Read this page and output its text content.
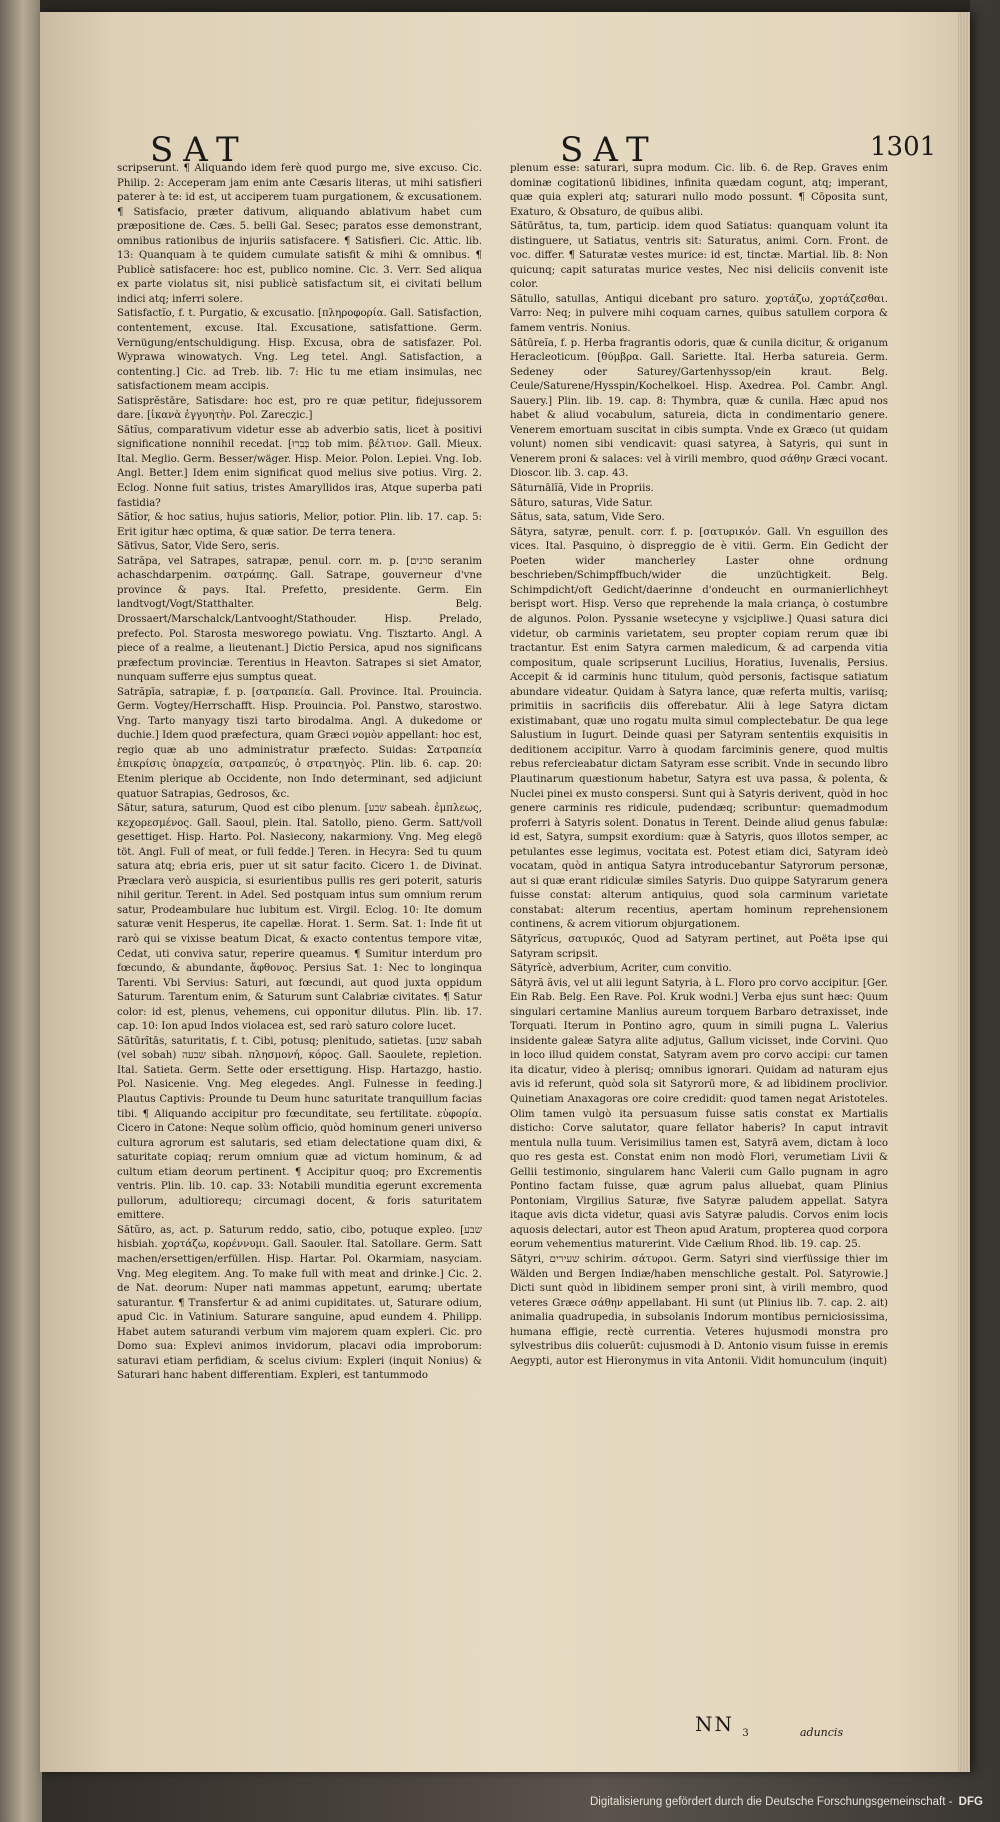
SAT	SAT	1301

scripserunt. ¶ Aliquando idem ferè quod purgo me, sive excuso. Cic. Philip. 2: Acceperam jam enim ante Cæsaris literas, ut mihi satisfieri paterer à te: id est, ut acciperem tuam purgationem, & excusationem. ¶ Satisfacio, præter dativum, aliquando ablativum habet cum præpositione de. Cæs. 5. belli Gal. Sesec; paratos esse demonstrant, omnibus rationibus de injuriis satisfacere. ¶ Satisfieri. Cic. Attic. lib. 13: Quanquam à te quidem cumulate satisfit & mihi & omnibus. ¶ Publicè satisfacere: hoc est, publico nomine. Cic. 3. Verr. Sed aliqua ex parte violatus sit, nisi publicè satisfactum sit, ei civitati bellum indici atq; inferri solere.

Satisfactĭo, f. t. Purgatio, & excusatio. [πληροφορία. Gall. Satisfaction, contentement, excuse. Ital. Excusatione, satisfattione. Germ. Vernügung/entschuldigung. Hisp. Excusa, obra de satisfazer. Pol. Wyprawa winowatych. Vng. Leg tetel. Angl. Satisfaction, a contenting.] Cic. ad Treb. lib. 7: Hic tu me etiam insimulas, nec satisfactionem meam accipis.

Satisprĕstāre, Satisdare: hoc est, pro re quæ petitur, fidejussorem dare. [ἱκανὰ ἐγγυητὴν. Pol. Zarecȥic.]

Sătĭus, comparativum videtur esse ab adverbio satis, licet à positivi significatione nonnihil recedat. [בְּבִרוּ tob mim. βέλτιον. Gall. Mieux. Ital. Meglio. Germ. Besser/wäger. Hisp. Meior. Polon. Lepiei. Vng. Iob. Angl. Better.] Idem enim significat quod melius sive potius. Virg. 2. Eclog. Nonne fuit satius, tristes Amaryllidos iras, Atque superba pati fastidia?

Sătĭor, & hoc satius, hujus satioris, Melior, potior. Plin. lib. 17. cap. 5: Erit igitur hæc optima, & quæ satior. De terra tenera.

Sātīvus, Sator, Vide Sero, seris.

Satrăpa, vel Satrapes, satrapæ, penul. corr. m. p. [סרנים seranim achaschdarpenim. σατράπης. Gall. Satrape, gouverneur d'vne province & pays. Ital. Prefetto, presidente. Germ. Ein landtvogt/Vogt/Statthalter. Belg. Drossaert/Marschalck/Lantvooght/Stathouder. Hisp. Prelado, prefecto. Pol. Starosta mesworego powiatu. Vng. Tisztarto. Angl. A piece of a realme, a lieutenant.] Dictio Persica, apud nos significans præfectum provinciæ. Terentius in Heavton. Satrapes si siet Amator, nunquam sufferre ejus sumptus queat.

Satrăpīa, satrapiæ, f. p. [σατραπεία. Gall. Province. Ital. Prouincia. Germ. Vogtey/Herrschafft. Hisp. Prouincia. Pol. Panstwo, starostwo. Vng. Tarto manyagy tiszi tarto birodalma. Angl. A dukedome or duchie.] Idem quod præfectura, quam Græci νομὸν appellant: hoc est, regio quæ ab uno administratur præfecto. Suidas: Σατραπεία ἐπικρίσις ὑπαρχεία, σατραπεύς, ὁ στρατηγὸς. Plin. lib. 6. cap. 20: Etenim plerique ab Occidente, non Indo determinant, sed adjiciunt quatuor Satrapias, Gedrosos, &c.

Sătur, satura, saturum, Quod est cibo plenum. [שבע sabeah. ἐμπλεως, κεχορεσμένος. Gall. Saoul, plein. Ital. Satollo, pieno. Germ. Satt/voll gesettiget. Hisp. Harto. Pol. Nasiecony, nakarmiony. Vng. Meg elegö töt. Angl. Full of meat, or full fedde.] Teren. in Hecyra: Sed tu quum satura atq; ebria eris, puer ut sit satur facito. Cicero 1. de Divinat. Præclara verò auspicia, si esurientibus pullis res geri poterit, saturis nihil geritur. Terent. in Adel. Sed postquam intus sum omnium rerum satur, Prodeambulare huc lubitum est. Virgil. Eclog. 10: Ite domum saturæ venit Hesperus, ite capellæ. Horat. 1. Serm. Sat. 1: Inde fit ut rarò qui se vixisse beatum Dicat, & exacto contentus tempore vitæ, Cedat, uti conviva satur, reperire queamus. ¶ Sumitur interdum pro fœcundo, & abundante, ἄφθονος. Persius Sat. 1: Nec to longinqua Tarenti. Vbi Servius: Saturi, aut fœcundi, aut quod juxta oppidum Saturum. Tarentum enim, & Saturum sunt Calabriæ civitates. ¶ Satur color: id est, plenus, vehemens, cui opponitur dilutus. Plin. lib. 17. cap. 10: Ion apud Indos violacea est, sed rarò saturo colore lucet.

Sătūrĭtās, saturitatis, f. t. Cibi, potusq; plenitudo, satietas. [שבע sabah (vel sobah) שבעה sibah. πλησμονή, κόρος. Gall. Saoulete, repletion. Ital. Satieta. Germ. Sette oder ersettigung. Hisp. Hartazgo, hastio. Pol. Nasicenie. Vng. Meg elegedes. Angl. Fulnesse in feeding.] Plautus Captivis: Prounde tu Deum hunc saturitate tranquillum facias tibi. ¶ Aliquando accipitur pro fœcunditate, seu fertilitate. εὐφορία. Cicero in Catone: Neque solùm officio, quòd hominum generi universo cultura agrorum est salutaris, sed etiam delectatione quam dixi, & saturitate copiaq; rerum omnium quæ ad victum hominum, & ad cultum etiam deorum pertinent. ¶ Accipitur quoq; pro Excrementis ventris. Plin. lib. 10. cap. 33: Notabili munditia egerunt excrementa pullorum, adultiorequ; circumagi docent, & foris saturitatem emittere.

Sătŭro, as, act. p. Saturum reddo, satio, cibo, potuque expleo. [שבע hisbiah. χορτάζω, κορέννυμι. Gall. Saouler. Ital. Satollare. Germ. Satt machen/ersettigen/erfüllen. Hisp. Hartar. Pol. Okarmiam, nasyciam. Vng. Meg elegitem. Ang. To make full with meat and drinke.] Cic. 2. de Nat. deorum: Nuper nati mammas appetunt, earumq; ubertate saturantur. ¶ Transfertur & ad animi cupiditates. ut, Saturare odium, apud Cic. in Vatinium. Saturare sanguine, apud eundem 4. Philipp. Habet autem saturandi verbum vim majorem quam expleri. Cic. pro Domo sua: Explevi animos invidorum, placavi odia improborum: saturavi etiam perfidiam, & scelus civium: Expleri (inquit Nonius) & Saturari hanc habent differentiam. Expleri, est tantummodo

plenum esse: saturari, supra modum. Cic. lib. 6. de Rep. Graves enim dominæ cogitationū libidines, infinita quædam cogunt, atq; imperant, quæ quia expleri atq; saturari nullo modo possunt. ¶ Cōposita sunt, Exaturo, & Obsaturo, de quibus alibi.

Sătūrātus, ta, tum, particip. idem quod Satiatus: quanquam volunt ita distinguere, ut Satiatus, ventris sit: Saturatus, animi. Corn. Front. de voc. differ. ¶ Saturatæ vestes murice: id est, tinctæ. Martial. lib. 8: Non quicunq; capit saturatas murice vestes, Nec nisi deliciis convenit iste color.

Sătullo, satullas, Antiqui dicebant pro saturo. χορτάζω, χορτάζεσθαι. Varro: Neq; in pulvere mihi coquam carnes, quibus satullem corpora & famem ventris. Nonius.

Sătūreĭa, f. p. Herba fragrantis odoris, quæ & cunila dicitur, & origanum Heracleoticum. [θύμβρα. Gall. Sariette. Ital. Herba satureia. Germ. Sedeney oder Saturey/Gartenhyssop/ein kraut. Belg. Ceule/Saturene/Hysspin/Kochelkoel. Hisp. Axedrea. Pol. Cambr. Angl. Sauery.] Plin. lib. 19. cap. 8: Thymbra, quæ & cunila. Hæc apud nos habet & aliud vocabulum, satureia, dicta in condimentario genere. Venerem emortuam suscitat in cibis sumpta. Vnde ex Græco (ut quidam volunt) nomen sibi vendicavit: quasi satyrea, à Satyris, qui sunt in Venerem proni & salaces: vel à virili membro, quod σάθην Græci vocant. Dioscor. lib. 3. cap. 43.

Sāturnālĭă, Vide in Propriis.

Sāturo, saturas, Vide Satur.

Sătus, sata, satum, Vide Sero.

Sătyra, satyræ, penult. corr. f. p. [σατυρικόν. Gall. Vn esguillon des vices. Ital. Pasquino, ò dispreggio de è vitii. Germ. Ein Gedicht der Poeten wider mancherley Laster ohne ordnung beschrieben/Schimpffbuch/wider die unzüchtigkeit. Belg. Schimpdicht/oft Gedicht/daerinne d'ondeucht en ourmanierlichheyt berispt wort. Hisp. Verso que reprehende la mala criança, ò costumbre de algunos. Polon. Pyssanie wsetecyne y vsjcipliwe.] Quasi satura dici videtur, ob carminis varietatem, seu propter copiam rerum quæ ibi tractantur. Est enim Satyra carmen maledicum, & ad carpenda vitia compositum, quale scripserunt Lucilius, Horatius, Iuvenalis, Persius. Accepit & id carminis hunc titulum, quòd personis, factisque satiatum abundare videatur. Quidam à Satyra lance, quæ referta multis, variisq; primitiis in sacrificiis diis offerebatur. Alii à lege Satyra dictam existimabant, quæ uno rogatu multa simul complectebatur. De qua lege Salustium in Iugurt. Deinde quasi per Satyram sententiis exquisitis in deditionem accipitur. Varro à quodam farciminis genere, quod multis rebus refercieabatur dictam Satyram esse scribit. Vnde in secundo libro Plautinarum quæstionum habetur, Satyra est uva passa, & polenta, & Nuclei pinei ex musto conspersi. Sunt qui à Satyris derivent, quòd in hoc genere carminis res ridicule, pudendæq; scribuntur: quemadmodum proferri à Satyris solent. Donatus in Terent. Deinde aliud genus fabulæ: id est, Satyra, sumpsit exordium: quæ à Satyris, quos illotos semper, ac petulantes esse legimus, vocitata est. Potest etiam dici, Satyram ideò vocatam, quòd in antiqua Satyra introducebantur Satyrorum personæ, aut si quæ erant ridiculæ similes Satyris. Duo quippe Satyrarum genera fuisse constat: alterum antiquius, quod sola carminum varietate constabat: alterum recentius, apertam hominum reprehensionem continens, & acrem vitiorum objurgationem.

Sătyrĭcus, σατυρικός, Quod ad Satyram pertinet, aut Poëta ipse qui Satyram scripsit.

Sătyrĭcè, adverbium, Acriter, cum convitio.

Sătyră ăvis, vel ut alii legunt Satyria, à L. Floro pro corvo accipitur. [Ger. Ein Rab. Belg. Een Rave. Pol. Kruk wodni.] Verba ejus sunt hæc: Quum singulari certamine Manlius aureum torquem Barbaro detraxisset, inde Torquati. Iterum in Pontino agro, quum in simili pugna L. Valerius insidente galeæ Satyra alite adjutus, Gallum vicisset, inde Corvini. Quo in loco illud quidem constat, Satyram avem pro corvo accipi: cur tamen ita dicatur, video à plerisq; omnibus ignorari. Quidam ad naturam ejus avis id referunt, quòd sola sit Satyrorū more, & ad libidinem proclivior. Quinetiam Anaxagoras ore coire credidit: quod tamen negat Aristoteles. Olim tamen vulgò ita persuasum fuisse satis constat ex Martialis disticho: Corve salutator, quare fellator haberis? In caput intravit mentula nulla tuum. Verisimilius tamen est, Satyrā avem, dictam à loco quo res gesta est. Constat enim non modò Flori, verumetiam Livii & Gellii testimonio, singularem hanc Valerii cum Gallo pugnam in agro Pontino factam fuisse, quæ agrum palus alluebat, quam Plinius Pontoniam, Virgilius Saturæ, five Satyræ paludem appellat. Satyra itaque avis dicta videtur, quasi avis Satyræ paludis. Corvos enim locis aquosis delectari, autor est Theon apud Aratum, propterea quod corpora eorum vehementius maturerint. Vide Cælium Rhod. lib. 19. cap. 25.

Sătyri, שעירים schirim. σάτυροι. Germ. Satyri sind vierfüssige thier im Wälden und Bergen Indiæ/haben menschliche gestalt. Pol. Satyrowie.] Dicti sunt quòd in libidinem semper proni sint, à virili membro, quod veteres Græce σάθην appellabant. Hi sunt (ut Plinius lib. 7. cap. 2. ait) animalia quadrupedia, in subsolanis Indorum montibus perniciosissima, humana effigie, rectè currentia. Veteres hujusmodi monstra pro sylvestribus diis coluerūt: cujusmodi à D. Antonio visum fuisse in eremis Aegypti, autor est Hieronymus in vita Antonii. Vidit homunculum (inquit)

NN $_3$	aduncis
Digitalisierung gefördert durch die Deutsche Forschungsgemeinschaft - DFG
